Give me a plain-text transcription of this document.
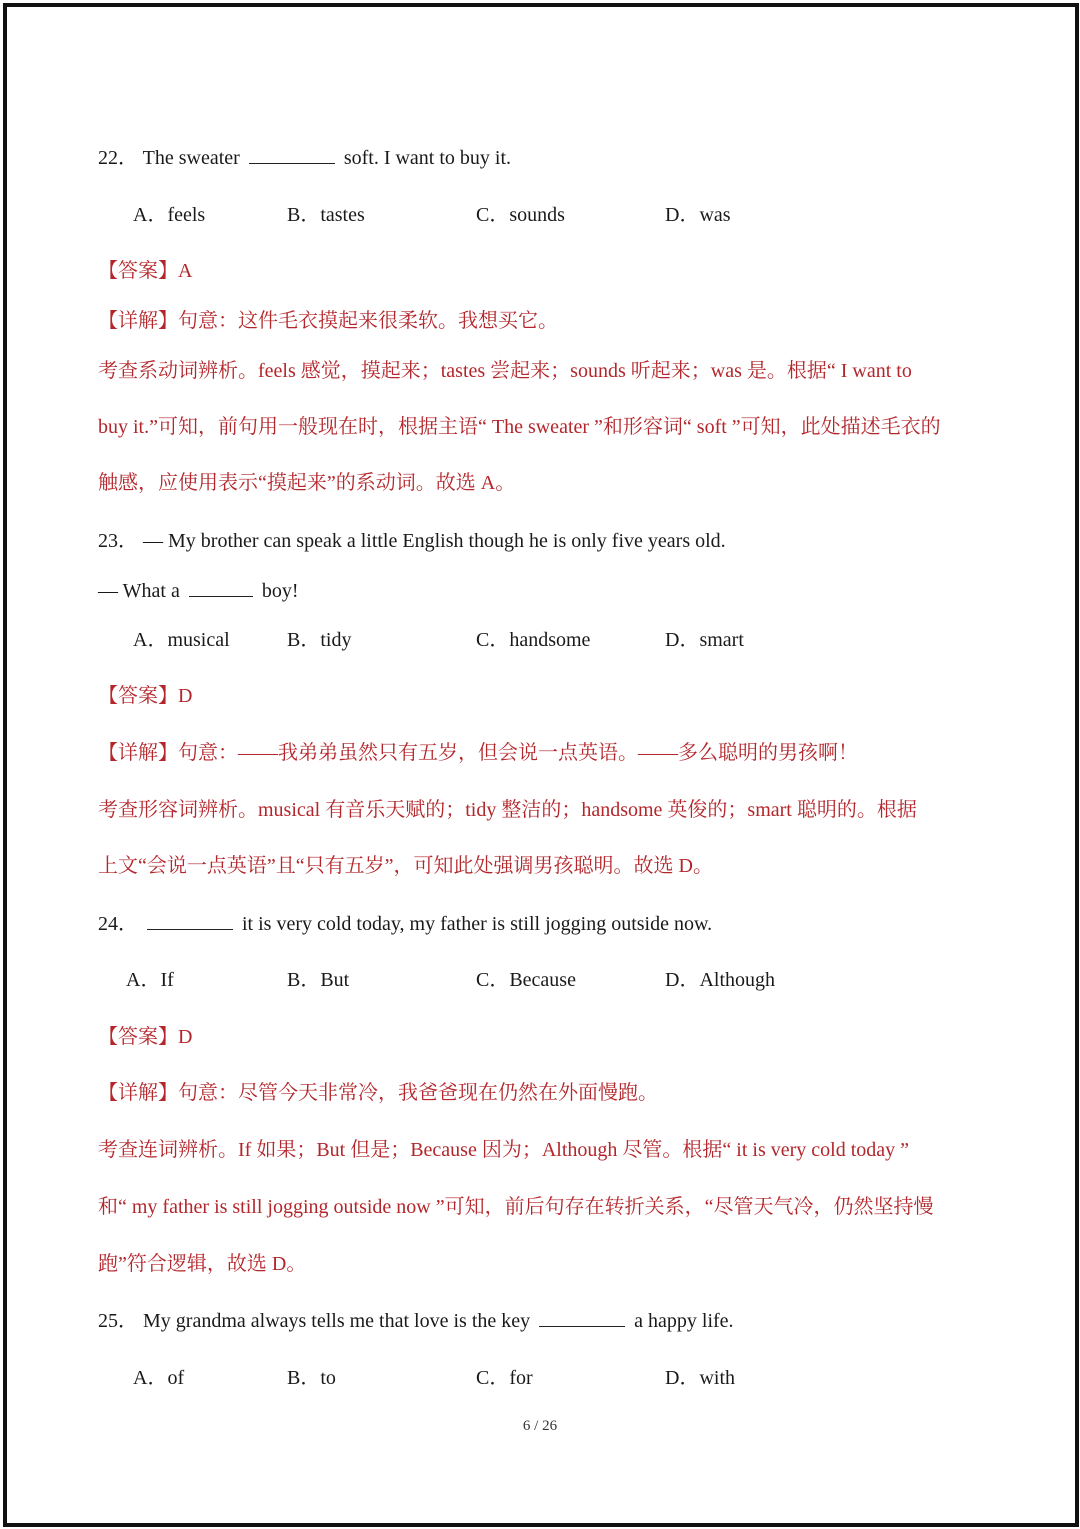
22． The sweater	soft. I want to buy it.
A．feels	B．tastes	C．sounds	D．was
【答案】A
【详解】句意：这件毛衣摸起来很柔软。我想买它。
考查系动词辨析。feels 感觉，摸起来；tastes 尝起来；sounds 听起来；was 是。根据“ I want to
buy it.”可知，前句用一般现在时，根据主语“ The sweater ”和形容词“ soft ”可知，此处描述毛衣的
触感，应使用表示“摸起来”的系动词。故选 A。
23． — My brother can speak a little English though he is only five years old.
— What a	boy!
A．musical	B．tidy	C．handsome	D．smart
【答案】D
【详解】句意：——我弟弟虽然只有五岁，但会说一点英语。——多么聪明的男孩啊！
考查形容词辨析。musical 有音乐天赋的；tidy 整洁的；handsome 英俊的；smart 聪明的。根据
上文“会说一点英语”且“只有五岁”，可知此处强调男孩聪明。故选 D。
24．	it is very cold today, my father is still jogging outside now.
A．If	B．But	C．Because	D．Although
【答案】D
【详解】句意：尽管今天非常冷，我爸爸现在仍然在外面慢跑。
考查连词辨析。If 如果；But 但是；Because 因为；Although 尽管。根据“ it is very cold today ”
和“ my father is still jogging outside now ”可知，前后句存在转折关系，“尽管天气冷，仍然坚持慢
跑”符合逻辑，故选 D。
25． My grandma always tells me that love is the key	a happy life.
A．of	B．to	C．for	D．with
6 / 26
